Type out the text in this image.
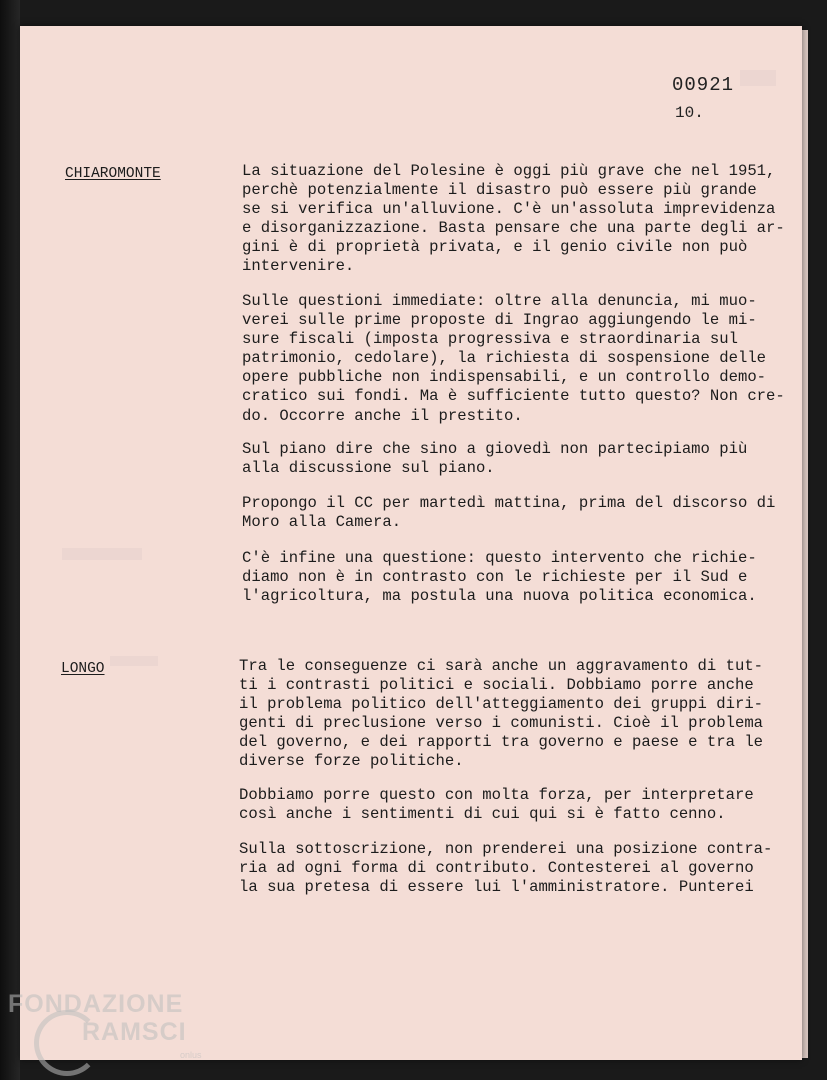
00921
10.
CHIAROMONTE	La situazione del Polesine è oggi più grave che nel 1951,
perchè potenzialmente il disastro può essere più grande
se si verifica un'alluvione. C'è un'assoluta imprevidenza
e disorganizzazione. Basta pensare che una parte degli ar-
gini è di proprietà privata, e il genio civile non può
intervenire.

Sulle questioni immediate: oltre alla denuncia, mi muo-
verei sulle prime proposte di Ingrao aggiungendo le mi-
sure fiscali (imposta progressiva e straordinaria sul
patrimonio, cedolare), la richiesta di sospensione delle
opere pubbliche non indispensabili, e un controllo demo-
cratico sui fondi. Ma è sufficiente tutto questo? Non cre-
do. Occorre anche il prestito.

Sul piano dire che sino a giovedì non partecipiamo più
alla discussione sul piano.

Propongo il CC per martedì mattina, prima del discorso di
Moro alla Camera.

C'è infine una questione: questo intervento che richie-
diamo non è in contrasto con le richieste per il Sud e
l'agricoltura, ma postula una nuova politica economica.

LONGO	Tra le conseguenze ci sarà anche un aggravamento di tut-
ti i contrasti politici e sociali. Dobbiamo porre anche
il problema politico dell'atteggiamento dei gruppi diri-
genti di preclusione verso i comunisti. Cioè il problema
del governo, e dei rapporti tra governo e paese e tra le
diverse forze politiche.

Dobbiamo porre questo con molta forza, per interpretare
così anche i sentimenti di cui qui si è fatto cenno.

Sulla sottoscrizione, non prenderei una posizione contra-
ria ad ogni forma di contributo. Contesterei al governo
la sua pretesa di essere lui l'amministratore. Punterei

FONDAZIONE
RAMSCI
onlus
